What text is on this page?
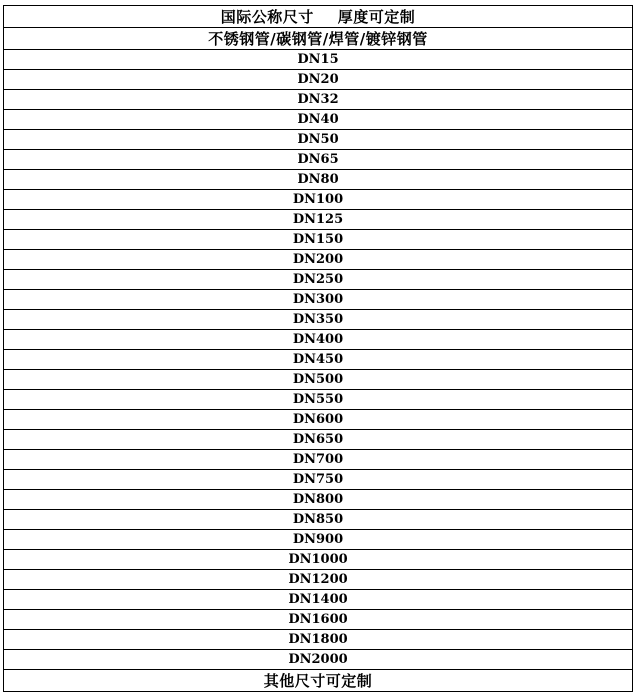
国际公称尺寸 厚度可定制
不锈钢管/碳钢管/焊管/镀锌钢管
DN15
DN20
DN32
DN40
DN50
DN65
DN80
DN100
DN125
DN150
DN200
DN250
DN300
DN350
DN400
DN450
DN500
DN550
DN600
DN650
DN700
DN750
DN800
DN850
DN900
DN1000
DN1200
DN1400
DN1600
DN1800
DN2000
其他尺寸可定制
